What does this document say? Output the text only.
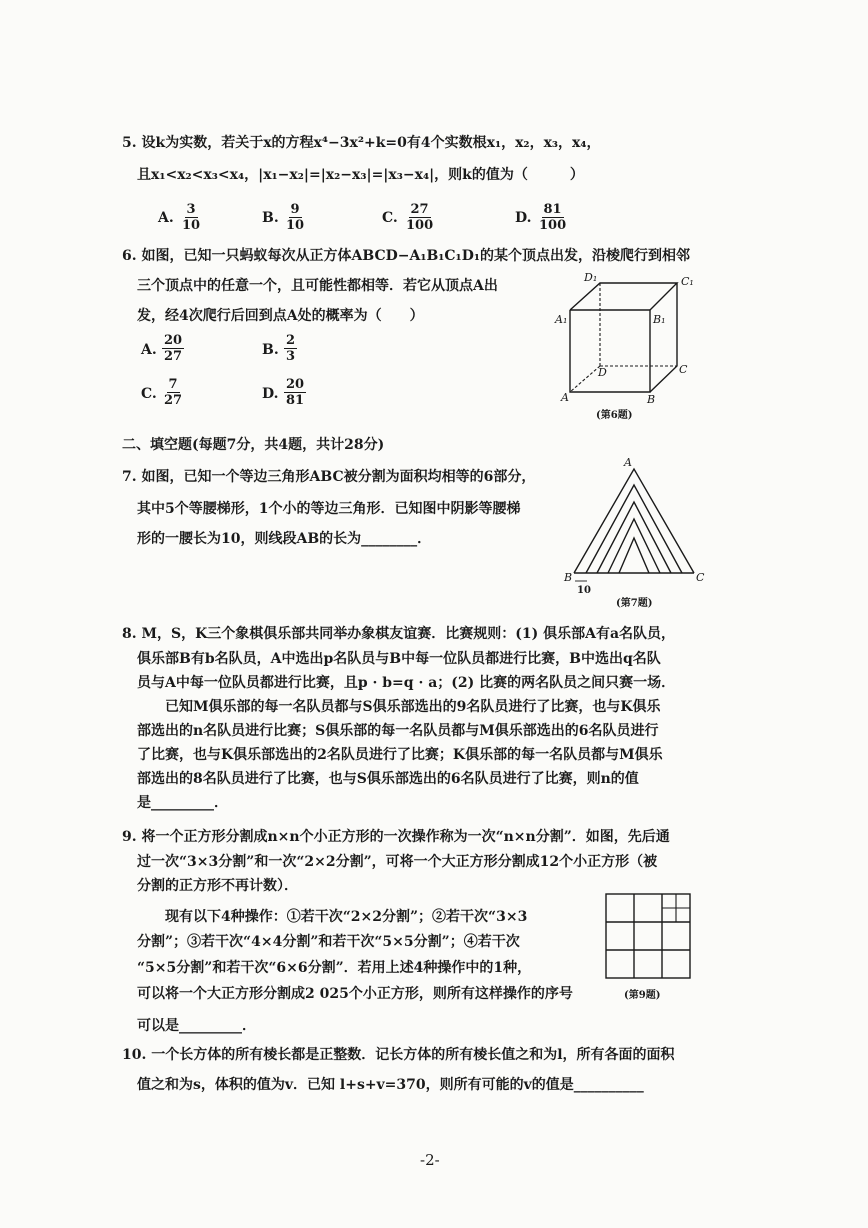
5. 设k为实数，若关于x的方程x⁴−3x²+k=0有4个实数根x₁，x₂，x₃，x₄，
且x₁<x₂<x₃<x₄，|x₁−x₂|=|x₂−x₃|=|x₃−x₄|，则k的值为（　　　）
A. $\frac{3}{10}$	B. $\frac{9}{10}$	C. $\frac{27}{100}$	D. $\frac{81}{100}$
6. 如图，已知一只蚂蚁每次从正方体ABCD−A₁B₁C₁D₁的某个顶点出发，沿棱爬行到相邻
三个顶点中的任意一个，且可能性都相等．若它从顶点A出
发，经4次爬行后回到点A处的概率为（　　）
A. $\frac{20}{27}$	B. $\frac{2}{3}$
C. $\frac{7}{27}$	D. $\frac{20}{81}$
D₁	C₁
A₁	B₁
D	C
A	B
(第6题)
二、填空题(每题7分，共4题，共计28分)
7. 如图，已知一个等边三角形ABC被分割为面积均相等的6部分，
其中5个等腰梯形，1个小的等边三角形．已知图中阴影等腰梯
形的一腰长为10，则线段AB的长为________．
A
B	C
10
(第7题)
8. M，S，K三个象棋俱乐部共同举办象棋友谊赛．比赛规则：(1) 俱乐部A有a名队员，
俱乐部B有b名队员，A中选出p名队员与B中每一位队员都进行比赛，B中选出q名队
员与A中每一位队员都进行比赛，且p · b=q · a；(2) 比赛的两名队员之间只赛一场．
已知M俱乐部的每一名队员都与S俱乐部选出的9名队员进行了比赛，也与K俱乐
部选出的n名队员进行比赛；S俱乐部的每一名队员都与M俱乐部选出的6名队员进行
了比赛，也与K俱乐部选出的2名队员进行了比赛；K俱乐部的每一名队员都与M俱乐
部选出的8名队员进行了比赛，也与S俱乐部选出的6名队员进行了比赛，则n的值
是_________．
9. 将一个正方形分割成n×n个小正方形的一次操作称为一次“n×n分割”．如图，先后通
过一次“3×3分割”和一次“2×2分割”，可将一个大正方形分割成12个小正方形（被
分割的正方形不再计数）．
现有以下4种操作：①若干次“2×2分割”；②若干次“3×3
分割”；③若干次“4×4分割”和若干次“5×5分割”；④若干次
“5×5分割”和若干次“6×6分割”．若用上述4种操作中的1种，
可以将一个大正方形分割成2 025个小正方形，则所有这样操作的序号
可以是_________．
(第9题)
10. 一个长方体的所有棱长都是正整数．记长方体的所有棱长值之和为l，所有各面的面积
值之和为s，体积的值为v．已知 l+s+v=370，则所有可能的v的值是__________
-2-
